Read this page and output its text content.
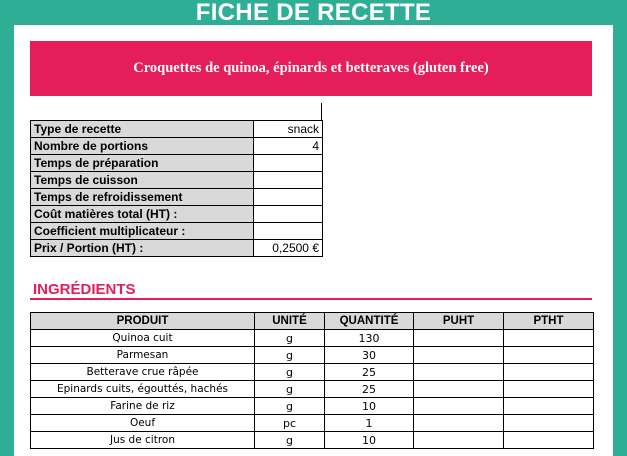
FICHE DE RECETTE
Croquettes de quinoa, épinards et betteraves (gluten free)
Type de recette	snack
Nombre de portions	4
Temps de préparation	
Temps de cuisson	
Temps de refroidissement	
Coût matières total (HT) :	
Coefficient multiplicateur :	
Prix / Portion (HT) :	0,2500 €
INGRÉDIENTS
PRODUIT	UNITÉ	QUANTITÉ	PUHT	PTHT
Quinoa cuit	g	130		
Parmesan	g	30		
Betterave crue râpée	g	25		
Epinards cuits, égouttés, hachés	g	25		
Farine de riz	g	10		
Oeuf	pc	1		
Jus de citron	g	10		
